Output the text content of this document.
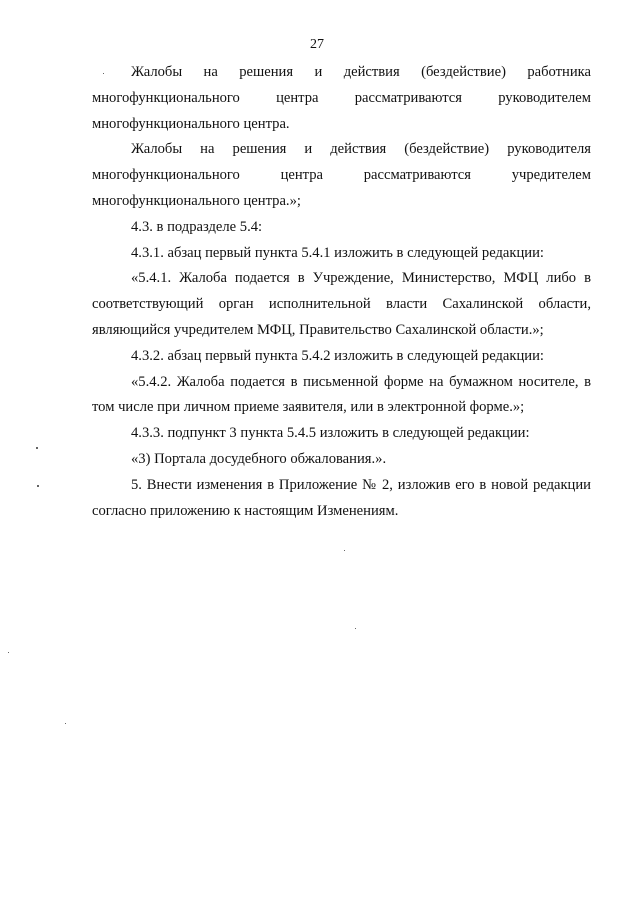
27

Жалобы на решения и действия (бездействие) работника
многофункционального центра рассматриваются руководителем
многофункционального центра.

Жалобы на решения и действия (бездействие) руководителя
многофункционального центра рассматриваются учредителем
многофункционального центра.»;

4.3. в подразделе 5.4:

4.3.1. абзац первый пункта 5.4.1 изложить в следующей редакции:

«5.4.1. Жалоба подается в Учреждение, Министерство, МФЦ либо в
соответствующий орган исполнительной власти Сахалинской области,
являющийся учредителем МФЦ, Правительство Сахалинской области.»;

4.3.2. абзац первый пункта 5.4.2 изложить в следующей редакции:

«5.4.2. Жалоба подается в письменной форме на бумажном носителе, в
том числе при личном приеме заявителя, или в электронной форме.»;

4.3.3. подпункт 3 пункта 5.4.5 изложить в следующей редакции:

«3) Портала досудебного обжалования.».

5. Внести изменения в Приложение № 2, изложив его в новой редакции
согласно приложению к настоящим Изменениям.
